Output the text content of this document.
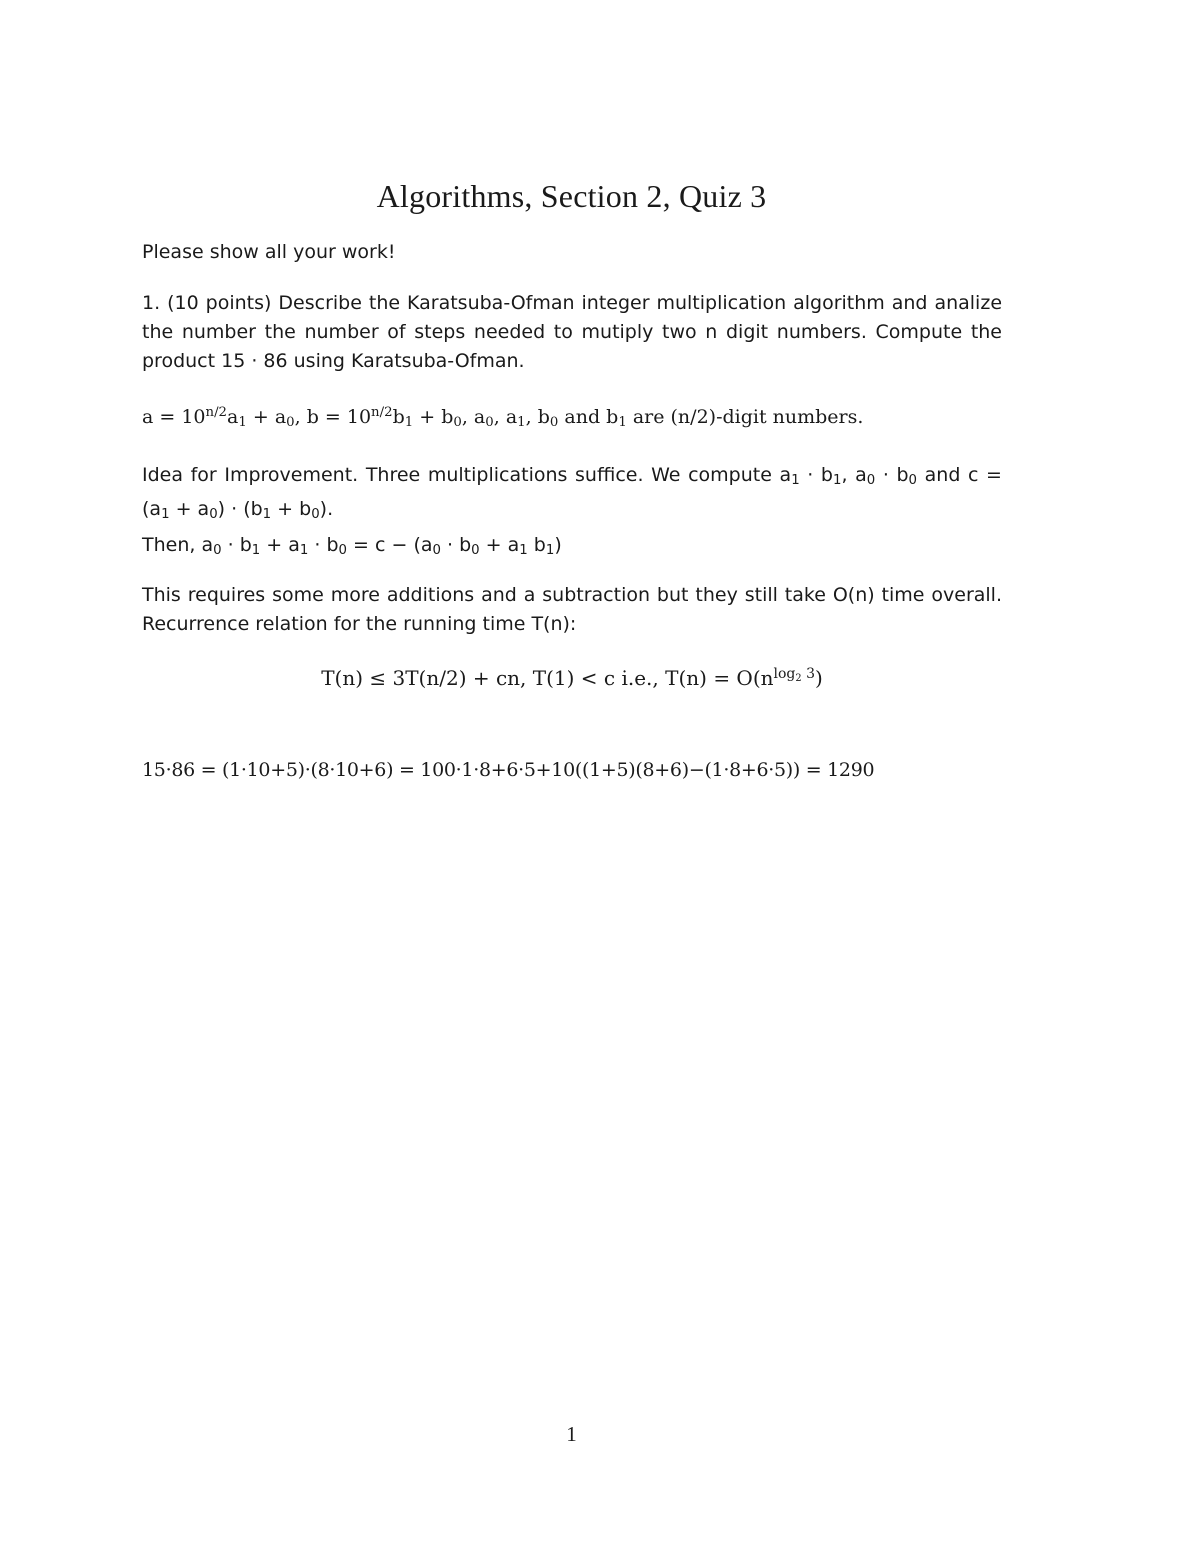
Algorithms, Section 2, Quiz 3
Please show all your work!
1. (10 points) Describe the Karatsuba-Ofman integer multiplication algorithm and analize the number the number of steps needed to mutiply two n digit numbers. Compute the product 15 · 86 using Karatsuba-Ofman.
$a = 10^{n/2}a_1 + a_0$, $b = 10^{n/2}b_1 + b_0$, $a_0$, $a_1$, $b_0$ and $b_1$ are (n/2)-digit numbers.
Idea for Improvement. Three multiplications suffice. We compute $a_1 \cdot b_1$, $a_0 \cdot b_0$ and $c = (a_1 + a_0) \cdot (b_1 + b_0)$.
Then, $a_0 \cdot b_1 + a_1 \cdot b_0 = c - (a_0 \cdot b_0 + a_1$ $b_1$)
This requires some more additions and a subtraction but they still take O(n) time overall. Recurrence relation for the running time T(n):
T(n) ≤ 3T(n/2) + cn, T(1) < c i.e., $T(n) = O(n^{log_2 3})$
15·86 = (1·10+5)·(8·10+6) = 100·1·8+6·5+10((1+5)(8+6)−(1·8+6·5)) = 1290
1
